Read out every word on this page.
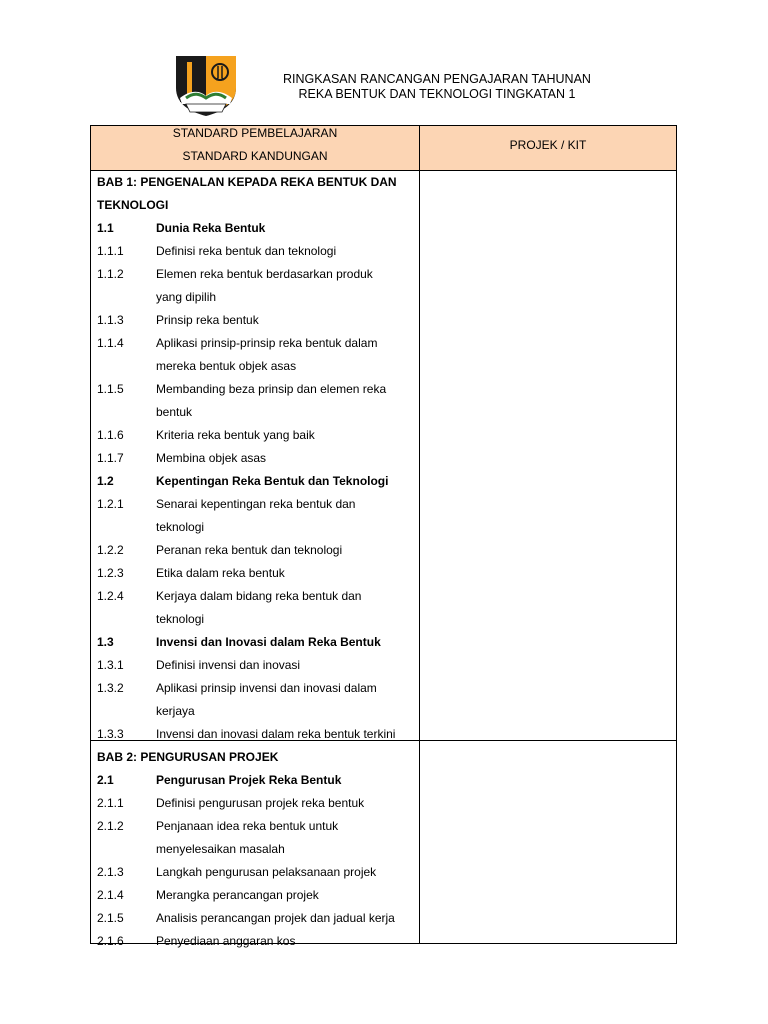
RINGKASAN RANCANGAN PENGAJARAN TAHUNAN
REKA BENTUK DAN TEKNOLOGI TINGKATAN 1
STANDARD PEMBELAJARAN
STANDARD KANDUNGAN
PROJEK / KIT
BAB 1: PENGENALAN KEPADA REKA BENTUK DAN
TEKNOLOGI
1.1	Dunia Reka Bentuk
1.1.1	Definisi reka bentuk dan teknologi
1.1.2	Elemen reka bentuk berdasarkan produk
yang dipilih
1.1.3	Prinsip reka bentuk
1.1.4	Aplikasi prinsip-prinsip reka bentuk dalam
mereka bentuk objek asas
1.1.5	Membanding beza prinsip dan elemen reka
bentuk
1.1.6	Kriteria reka bentuk yang baik
1.1.7	Membina objek asas
1.2	Kepentingan Reka Bentuk dan Teknologi
1.2.1	Senarai kepentingan reka bentuk dan
teknologi
1.2.2	Peranan reka bentuk dan teknologi
1.2.3	Etika dalam reka bentuk
1.2.4	Kerjaya dalam bidang reka bentuk dan
teknologi
1.3	Invensi dan Inovasi dalam Reka Bentuk
1.3.1	Definisi invensi dan inovasi
1.3.2	Aplikasi prinsip invensi dan inovasi dalam
kerjaya
1.3.3	Invensi dan inovasi dalam reka bentuk terkini
BAB 2: PENGURUSAN PROJEK
2.1	Pengurusan Projek Reka Bentuk
2.1.1	Definisi pengurusan projek reka bentuk
2.1.2	Penjanaan idea reka bentuk untuk
menyelesaikan masalah
2.1.3	Langkah pengurusan pelaksanaan projek
2.1.4	Merangka perancangan projek
2.1.5	Analisis perancangan projek dan jadual kerja
2.1.6	Penyediaan anggaran kos
